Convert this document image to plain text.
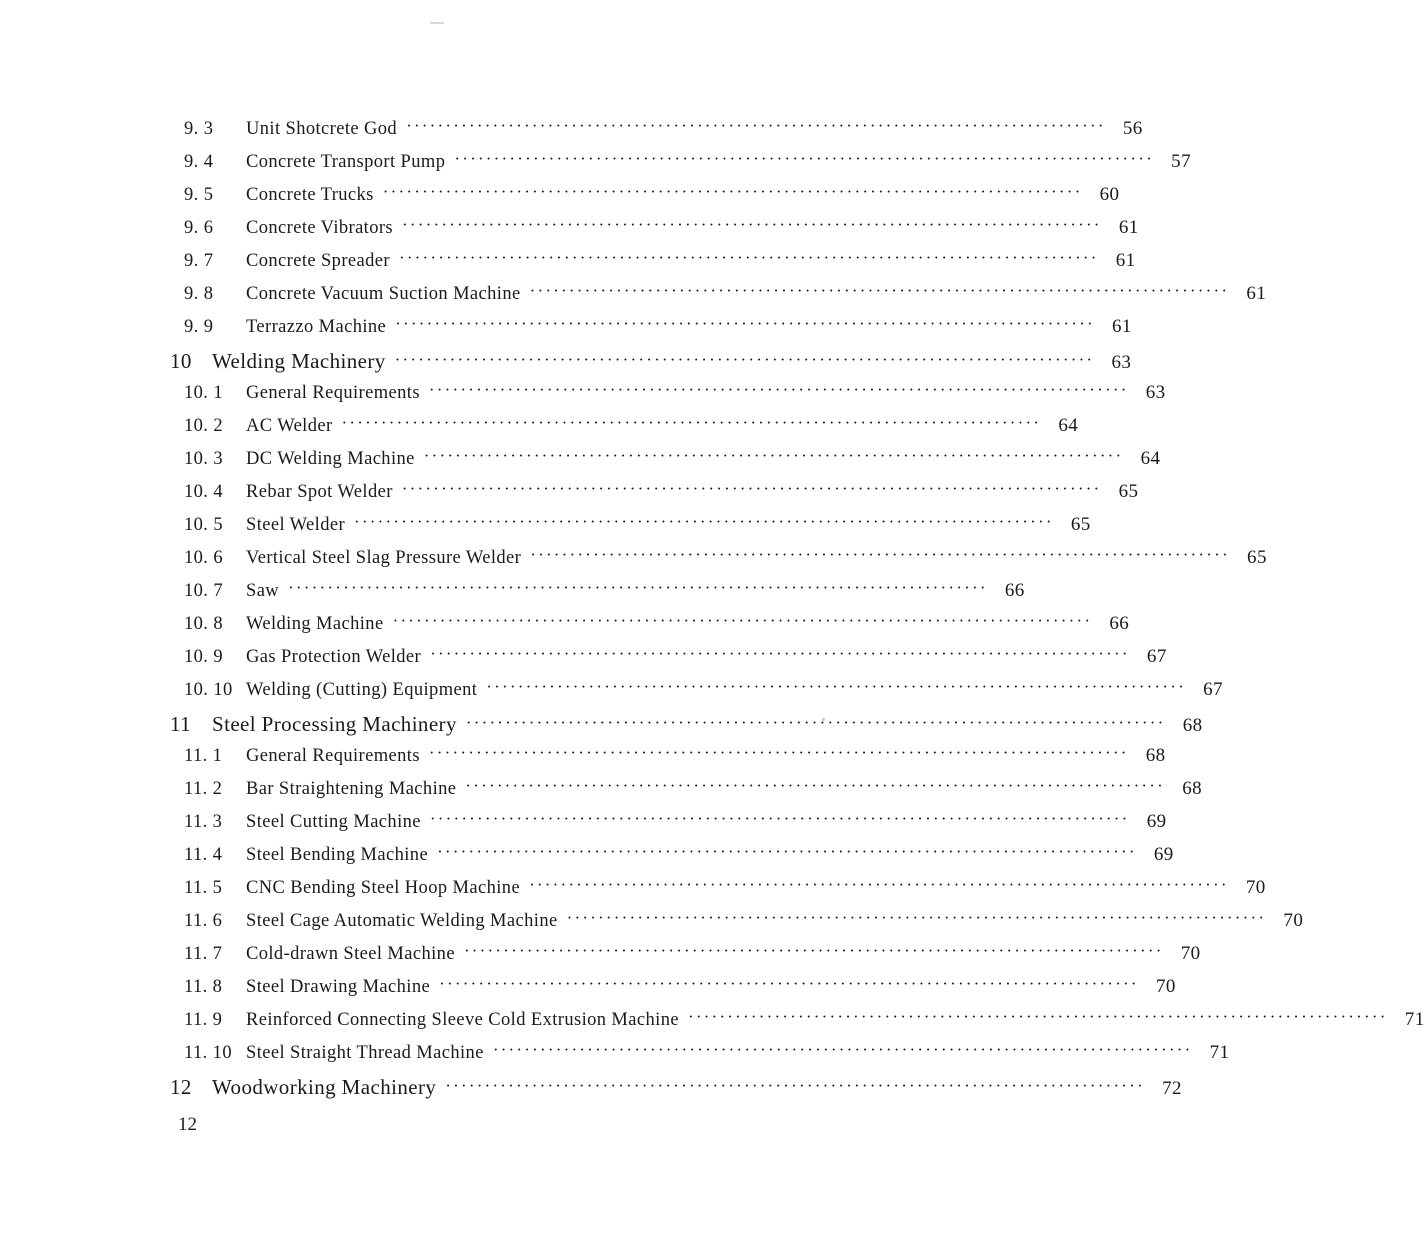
9. 3	Unit Shotcrete God ························································································· 56
9. 4	Concrete Transport Pump ························································································· 57
9. 5	Concrete Trucks ························································································· 60
9. 6	Concrete Vibrators ························································································· 61
9. 7	Concrete Spreader ························································································· 61
9. 8	Concrete Vacuum Suction Machine ························································································· 61
9. 9	Terrazzo Machine ························································································· 61
10 Welding Machinery ························································································· 63
10. 1	General Requirements ························································································· 63
10. 2	AC Welder ························································································· 64
10. 3	DC Welding Machine ························································································· 64
10. 4	Rebar Spot Welder ························································································· 65
10. 5	Steel Welder ························································································· 65
10. 6	Vertical Steel Slag Pressure Welder ························································································· 65
10. 7	Saw ························································································· 66
10. 8	Welding Machine ························································································· 66
10. 9	Gas Protection Welder ························································································· 67
10. 10 Welding (Cutting) Equipment ························································································· 67
11 Steel Processing Machinery ························································································· 68
11. 1	General Requirements ························································································· 68
11. 2	Bar Straightening Machine ························································································· 68
11. 3	Steel Cutting Machine ························································································· 69
11. 4	Steel Bending Machine ························································································· 69
11. 5	CNC Bending Steel Hoop Machine ························································································· 70
11. 6	Steel Cage Automatic Welding Machine ························································································· 70
11. 7	Cold-drawn Steel Machine ························································································· 70
11. 8	Steel Drawing Machine ························································································· 70
11. 9	Reinforced Connecting Sleeve Cold Extrusion Machine ························································································· 71
11. 10 Steel Straight Thread Machine ························································································· 71
12 Woodworking Machinery ························································································· 72
12
